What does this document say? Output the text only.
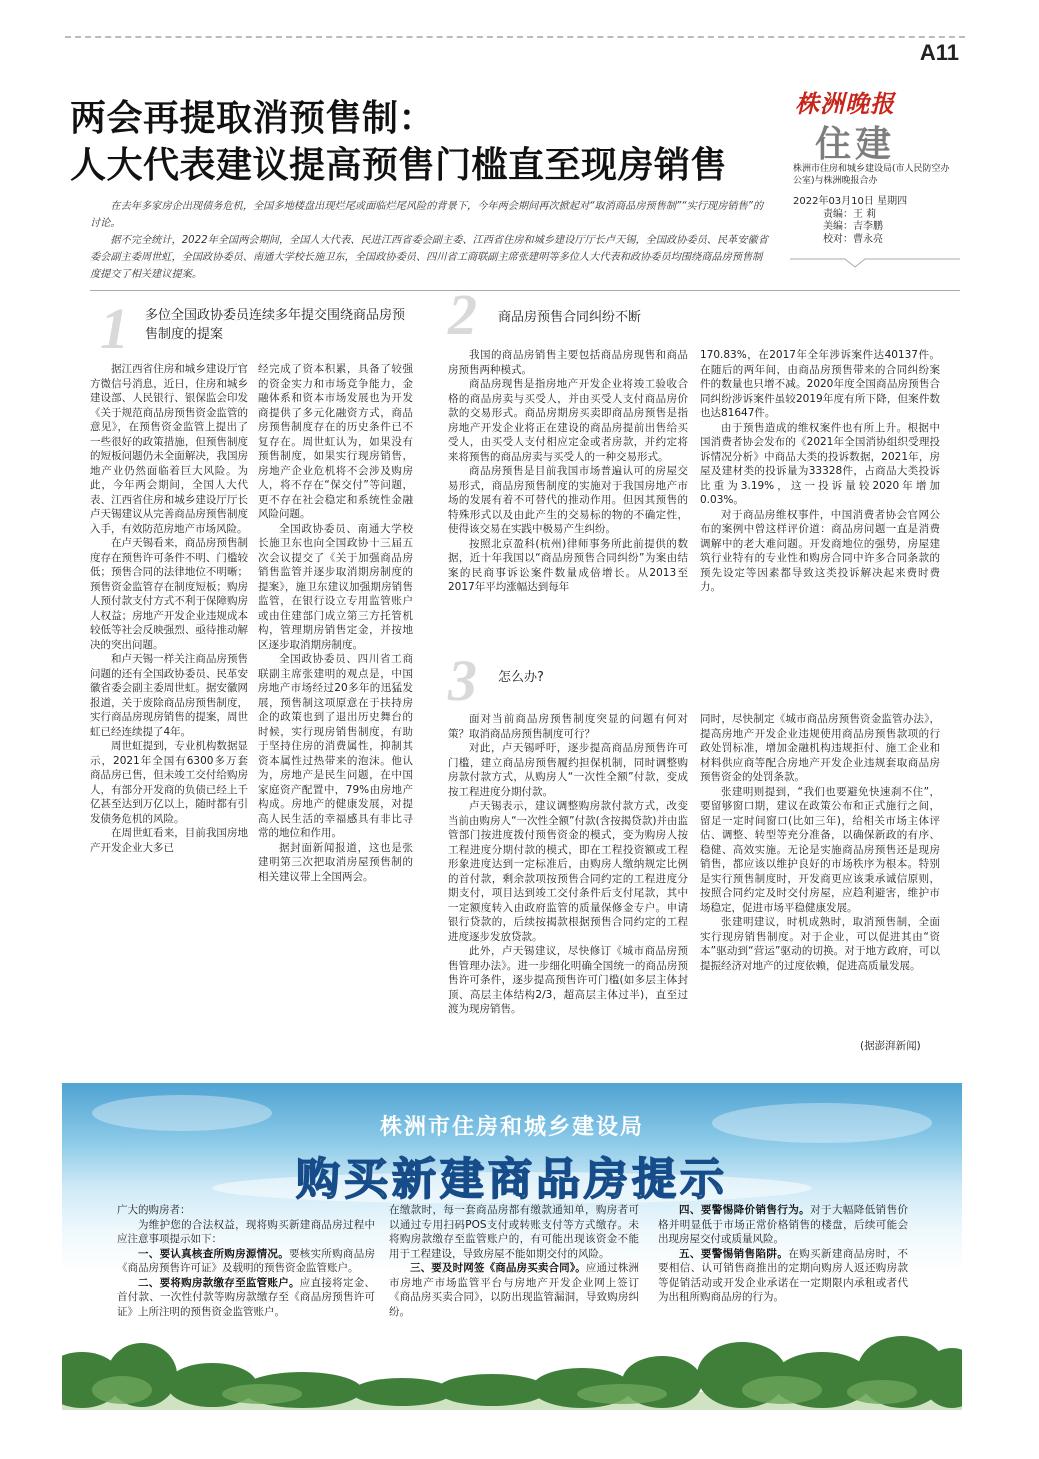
A11
株洲晚报
住建
株洲市住房和城乡建设局(市人民防空办公室)与株洲晚报合办
2022年03月10日 星期四
责编：王 莉
美编：吉李鹏
校对：曹永亮
两会再提取消预售制：
人大代表建议提高预售门槛直至现房销售

在去年多家房企出现债务危机，全国多地楼盘出现烂尾或面临烂尾风险的背景下，今年两会期间再次掀起对“取消商品房预售制”“实行现房销售”的讨论。

据不完全统计，2022年全国两会期间，全国人大代表、民进江西省委会副主委、江西省住房和城乡建设厅厅长卢天锡，全国政协委员、民革安徽省委会副主委周世虹，全国政协委员、南通大学校长施卫东，全国政协委员、四川省工商联副主席张建明等多位人大代表和政协委员均围绕商品房预售制度提交了相关建议提案。

1 多位全国政协委员连续多年提交围绕商品房预售制度的提案

据江西省住房和城乡建设厅官方微信号消息，近日，住房和城乡建设部、人民银行、银保监会印发《关于规范商品房预售资金监管的意见》，在预售资金监管上提出了一些很好的政策措施，但预售制度的短板问题仍未全面解决，我国房地产业仍然面临着巨大风险。为此，今年两会期间，全国人大代表、江西省住房和城乡建设厅厅长卢天锡建议从完善商品房预售制度入手，有效防范房地产市场风险。

在卢天锡看来，商品房预售制度存在预售许可条件不明、门槛较低；预售合同的法律地位不明晰；预售资金监管存在制度短板；购房人预付款支付方式不利于保障购房人权益；房地产开发企业违规成本较低等社会反映强烈、亟待推动解决的突出问题。

和卢天锡一样关注商品房预售问题的还有全国政协委员、民革安徽省委会副主委周世虹。据安徽网报道，关于废除商品房预售制度，实行商品房现房销售的提案，周世虹已经连续提了4年。

周世虹提到，专业机构数据显示，2021年全国有6300多万套商品房已售，但未竣工交付给购房人，有部分开发商的负债已经上千亿甚至达到万亿以上，随时都有引发债务危机的风险。

在周世虹看来，目前我国房地产开发企业大多已

经完成了资本积累，具备了较强的资金实力和市场竞争能力，金融体系和资本市场发展也为开发商提供了多元化融资方式，商品房预售制度存在的历史条件已不复存在。周世虹认为，如果没有预售制度，如果实行现房销售，房地产企业危机将不会涉及购房人，将不存在“保交付”等问题，更不存在社会稳定和系统性金融风险问题。

全国政协委员、南通大学校长施卫东也向全国政协十三届五次会议提交了《关于加强商品房销售监管并逐步取消期房制度的提案》，施卫东建议加强期房销售监管，在银行设立专用监管账户或由住建部门成立第三方托管机构，管理期房销售定金，并按地区逐步取消期房制度。

全国政协委员、四川省工商联副主席张建明的观点是，中国房地产市场经过20多年的迅猛发展，预售制这项原意在于扶持房企的政策也到了退出历史舞台的时候，实行现房销售制度，有助于坚持住房的消费属性，抑制其资本属性过热带来的泡沫。他认为，房地产是民生问题，在中国家庭资产配置中，79%由房地产构成。房地产的健康发展，对提高人民生活的幸福感具有非比寻常的地位和作用。

据封面新闻报道，这也是张建明第三次把取消房屋预售制的相关建议带上全国两会。

2 商品房预售合同纠纷不断

我国的商品房销售主要包括商品房现售和商品房预售两种模式。

商品房现售是指房地产开发企业将竣工验收合格的商品房卖与买受人，并由买受人支付商品房价款的交易形式。商品房期房买卖即商品房预售是指房地产开发企业将正在建设的商品房提前出售给买受人，由买受人支付相应定金或者房款，并约定将来将预售的商品房卖与买受人的一种交易形式。

商品房预售是目前我国市场普遍认可的房屋交易形式，商品房预售制度的实施对于我国房地产市场的发展有着不可替代的推动作用。但因其预售的特殊形式以及由此产生的交易标的物的不确定性，使得该交易在实践中极易产生纠纷。

按照北京盈科(杭州)律师事务所此前提供的数据，近十年我国以“商品房预售合同纠纷”为案由结案的民商事诉讼案件数量成倍增长。从2013至2017年平均涨幅达到每年

170.83%，在2017年全年涉诉案件达40137件。在随后的两年间，由商品房预售带来的合同纠纷案件的数量也只增不减。2020年度全国商品房预售合同纠纷涉诉案件虽较2019年度有所下降，但案件数也达81647件。

由于预售造成的维权案件也有所上升。根据中国消费者协会发布的《2021年全国消协组织受理投诉情况分析》中商品大类的投诉数据，2021年，房屋及建材类的投诉量为33328件，占商品大类投诉比重为3.19%，这一投诉量较2020年增加0.03%。

对于商品房维权事件，中国消费者协会官网公布的案例中曾这样评价道：商品房问题一直是消费调解中的老大难问题。开发商地位的强势，房屋建筑行业特有的专业性和购房合同中许多合同条款的预先设定等因素都导致这类投诉解决起来费时费力。

3 怎么办?

面对当前商品房预售制度突显的问题有何对策？取消商品房预售制度可行？

对此，卢天锡呼吁，逐步提高商品房预售许可门槛，建立商品房预售履约担保机制，同时调整购房款付款方式，从购房人“一次性全额”付款，变成按工程进度分期付款。

卢天锡表示，建议调整购房款付款方式，改变当前由购房人“一次性全额”付款(含按揭贷款)并由监管部门按进度拨付预售资金的模式，变为购房人按工程进度分期付款的模式，即在工程投资额或工程形象进度达到一定标准后，由购房人缴纳规定比例的首付款，剩余款项按预售合同约定的工程进度分期支付，项目达到竣工交付条件后支付尾款，其中一定额度转入由政府监管的质量保修金专户。申请银行贷款的，后续按揭款根据预售合同约定的工程进度逐步发放贷款。

此外，卢天锡建议，尽快修订《城市商品房预售管理办法》。进一步细化明确全国统一的商品房预售许可条件，逐步提高预售许可门槛(如多层主体封顶、高层主体结构2/3，超高层主体过半)，直至过渡为现房销售。

同时，尽快制定《城市商品房预售资金监管办法》，提高房地产开发企业违规使用商品房预售款项的行政处罚标准，增加金融机构违规拒付、施工企业和材料供应商等配合房地产开发企业违规套取商品房预售资金的处罚条款。

张建明则提到，“我们也要避免快速刹不住”，要留够窗口期，建议在政策公布和正式施行之间，留足一定时间窗口(比如三年)，给相关市场主体评估、调整、转型等充分准备，以确保新政的有序、稳健、高效实施。无论是实施商品房预售还是现房销售，都应该以维护良好的市场秩序为根本。特别是实行预售制度时，开发商更应该秉承诚信原则，按照合同约定及时交付房屋，应趋利避害，维护市场稳定，促进市场平稳健康发展。

张建明建议，时机成熟时，取消预售制，全面实行现房销售制度。对于企业，可以促进其由“资本”驱动到“营运”驱动的切换。对于地方政府，可以提振经济对地产的过度依赖，促进高质量发展。

(据澎湃新闻)
株洲市住房和城乡建设局
购买新建商品房提示

广大的购房者：

为维护您的合法权益，现将购买新建商品房过程中应注意事项提示如下：

一、要认真核查所购房源情况。要核实所购商品房《商品房预售许可证》及载明的预售资金监管账户。

二、要将购房款缴存至监管账户。应直接将定金、首付款、一次性付款等购房款缴存至《商品房预售许可证》上所注明的预售资金监管账户。

在缴款时，每一套商品房都有缴款通知单，购房者可以通过专用扫码POS支付或转账支付等方式缴存。未将购房款缴存至监管账户的，有可能出现该资金不能用于工程建设，导致房屋不能如期交付的风险。

三、要及时网签《商品房买卖合同》。应通过株洲市房地产市场监管平台与房地产开发企业网上签订《商品房买卖合同》，以防出现监管漏洞，导致购房纠纷。

四、要警惕降价销售行为。对于大幅降低销售价格并明显低于市场正常价格销售的楼盘，后续可能会出现房屋交付或质量风险。

五、要警惕销售陷阱。在购买新建商品房时，不要相信、认可销售商推出的定期向购房人返还购房款等促销活动或开发企业承诺在一定期限内承租或者代为出租所购商品房的行为。
